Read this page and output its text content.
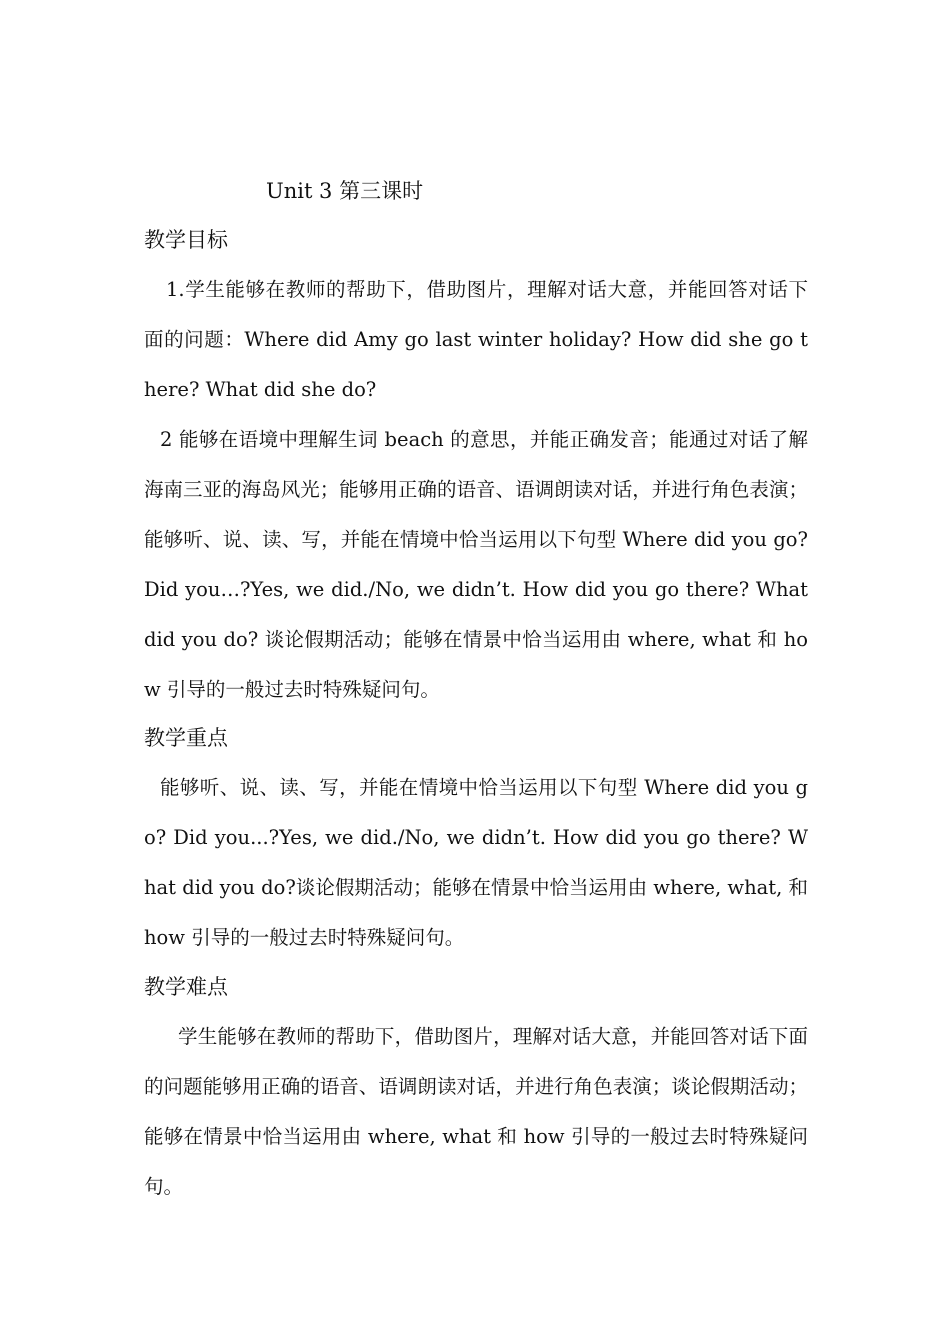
Unit 3 第三课时
教学目标
1.学生能够在教师的帮助下，借助图片，理解对话大意，并能回答对话下面的问题：Where did Amy go last winter holiday? How did she go there? What did she do?
2 能够在语境中理解生词 beach 的意思，并能正确发音；能通过对话了解海南三亚的海岛风光；能够用正确的语音、语调朗读对话，并进行角色表演；能够听、说、读、写，并能在情境中恰当运用以下句型 Where did you go? Did you…?Yes, we did./No, we didn’t. How did you go there? What did you do? 谈论假期活动；能够在情景中恰当运用由 where, what 和 how 引导的一般过去时特殊疑问句。
教学重点
能够听、说、读、写，并能在情境中恰当运用以下句型 Where did you go? Did you...?Yes, we did./No, we didn’t. How did you go there? What did you do?谈论假期活动；能够在情景中恰当运用由 where, what, 和 how 引导的一般过去时特殊疑问句。
教学难点
学生能够在教师的帮助下，借助图片，理解对话大意，并能回答对话下面的问题能够用正确的语音、语调朗读对话，并进行角色表演；谈论假期活动；能够在情景中恰当运用由 where, what 和 how 引导的一般过去时特殊疑问句。
